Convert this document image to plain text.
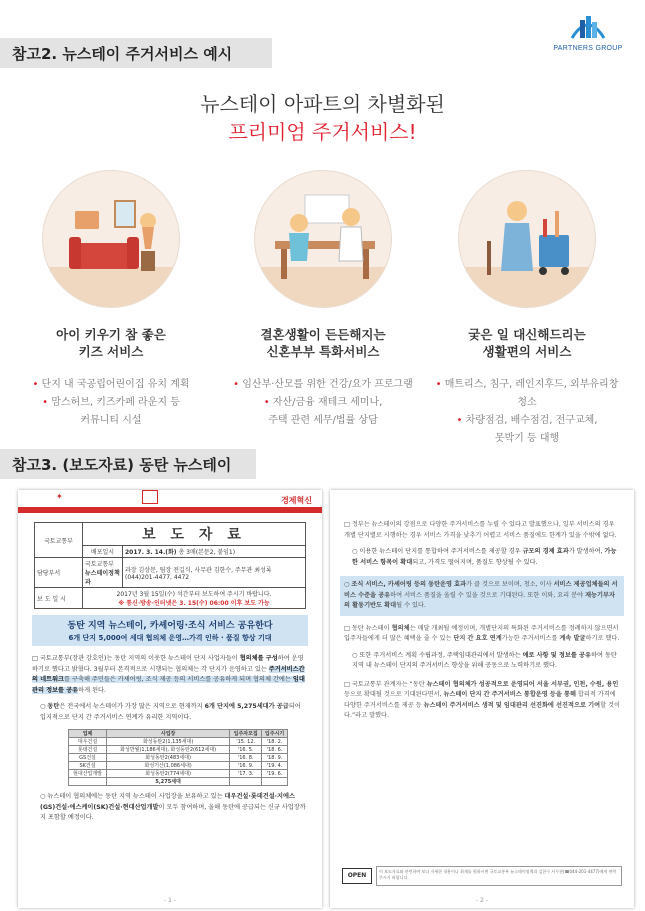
PARTNERS GROUP
참고2. 뉴스테이 주거서비스 예시
뉴스테이 아파트의 차별화된
프리미엄 주거서비스!
아이 키우기 참 좋은
키즈 서비스
• 단지 내 국공립어린이집 유치 계획
• 맘스허브, 키즈카페 라운지 등
커뮤니티 시설
결혼생활이 든든해지는
신혼부부 특화서비스
• 임산부·산모를 위한 건강/요가 프로그램
• 자산/금융 재테크 세미나,
주택 관련 세무/법률 상담
궂은 일 대신해드리는
생활편의 서비스
• 매트리스, 침구, 레인지후드, 외부유리창 청소
• 차량점검, 배수점검, 전구교체,
못박기 등 대행
참고3. (보도자료) 동탄 뉴스테이
✦	경제혁신
국토교통부	보 도 자 료	
	배포일시	2017. 3. 14.(화) 총 3매(본문2, 붙임1)
담당부서	국토교통부 뉴스테이정책과	과장 김상문, 팀장 전길식, 사무관 김한수, 주무관 최성록
(044)201-4477, 4472

보 도 일 시	2017년 3월 15일(수) 석간부터 보도하여 주시기 바랍니다.
※ 통신·방송·인터넷은 3. 15(수) 06:00 이후 보도 가능	
동탄 지역 뉴스테이, 카셰어링·조식 서비스 공유한다
6개 단지 5,000여 세대 협의체 운영…가격 인하 · 품질 향상 기대
□ 국토교통부(장관 강호인)는 동탄 지역의 이웃한 뉴스테이 단지 사업자들이 협의체를 구성하여 운영하기로 했다고 밝혔다. 3월부터 본격적으로 시행되는 협의체는 각 단지가 운영하고 있는 주거서비스간의 네트워크를 구축해 주민들은 카셰어링, 조식 제공 등의 서비스를 공유하게 되며 협의체 간에는 임대관리 정보를 공유하게 된다.
○ 동탄은 전국에서 뉴스테이가 가장 많은 지역으로 현재까지 6개 단지에 5,275세대가 공급되어 입지적으로 단지 간 주거서비스 연계가 유리한 지역이다.
업체	사업장	입주자모집	입주시기
대우건설	화성동탄2(1,135세대)	'15. 12.	'18. 2.
롯데건설	화성반월(1,186세대), 화성동탄2(612세대)	'16. 5.	'18. 6.
GS건설	화성동탄2(483세대)	'16. 8.	'18. 9.
SK건설	화성기산(1,086세대)	'16. 9.	'19. 4.
현대산업개발	화성동탄2(774세대)	'17. 3.	'19. 6.
	5,275세대		
○ 뉴스테이 협의체에는 동탄 지역 뉴스테이 사업장을 보유하고 있는 대우건설·롯데건설·지에스(GS)건설·에스케이(SK)건설·현대산업개발이 모두 참여하며, 올해 동탄에 공급되는 신규 사업장까지 포함할 예정이다.
- 1 -
□ 정부는 뉴스테이의 강점으로 다양한 주거서비스를 누릴 수 있다고 발표했으나, 일부 서비스의 경우 개별 단지별로 시행하는 경우 서비스 가격을 낮추기 어렵고 서비스 품질에도 한계가 있을 수밖에 없다.
○ 이용한 뉴스테이 단지를 통합하여 주거서비스를 제공할 경우 규모의 경제 효과가 발생하여, 가능한 서비스 항목이 확대되고, 가격도 떨어지며, 품질도 향상될 수 있다.
○ 조식 서비스, 카셰어링 등의 동탄운영 효과가 클 것으로 보이며, 청소, 이사 서비스 제공업체들의 서비스 수준을 공유하여 서비스 품질을 올릴 수 있을 것으로 기대된다. 또한 이와, 요리 분야 재능기부자의 활동기반도 확대될 수 있다.
□ 동탄 뉴스테이 협의체는 매달 개최될 예정이며, 개별단지의 특화된 주거서비스를 정례하지 않으면서 입주자들에게 더 많은 혜택을 줄 수 있는 단지 간 요호 연계가능한 주거서비스를 계속 발굴하기로 했다.
○ 또한 주거서비스 계획 수립과정, 주택임대관리에서 발생하는 애로 사항 및 정보를 공유하여 동탄 지역 내 뉴스테이 단지의 주거서비스 향상을 위해 공동으로 노력하기로 했다.
□ 국토교통부 관계자는 “동탄 뉴스테이 협의체가 성공적으로 운영되어 서울 서부권, 인천, 수원, 용인 등으로 확대될 것으로 기대된다면서, 뉴스테이 단지 간 주거서비스 통합운영 등을 통해 합리적 가격에 다양한 주거서비스를 제공 등 뉴스테이 주거서비스 생적 및 임대관리 선진화에 선진적으로 기여할 것이다.”라고 말했다.
OPEN
이 보도자료와 관련하여 보다 자세한 내용이나 취재를 원하시면 국토교통부 뉴스테이정책과 김한수 사무관(☎044-201-4477)에게 연락주시기 바랍니다.
- 2 -
